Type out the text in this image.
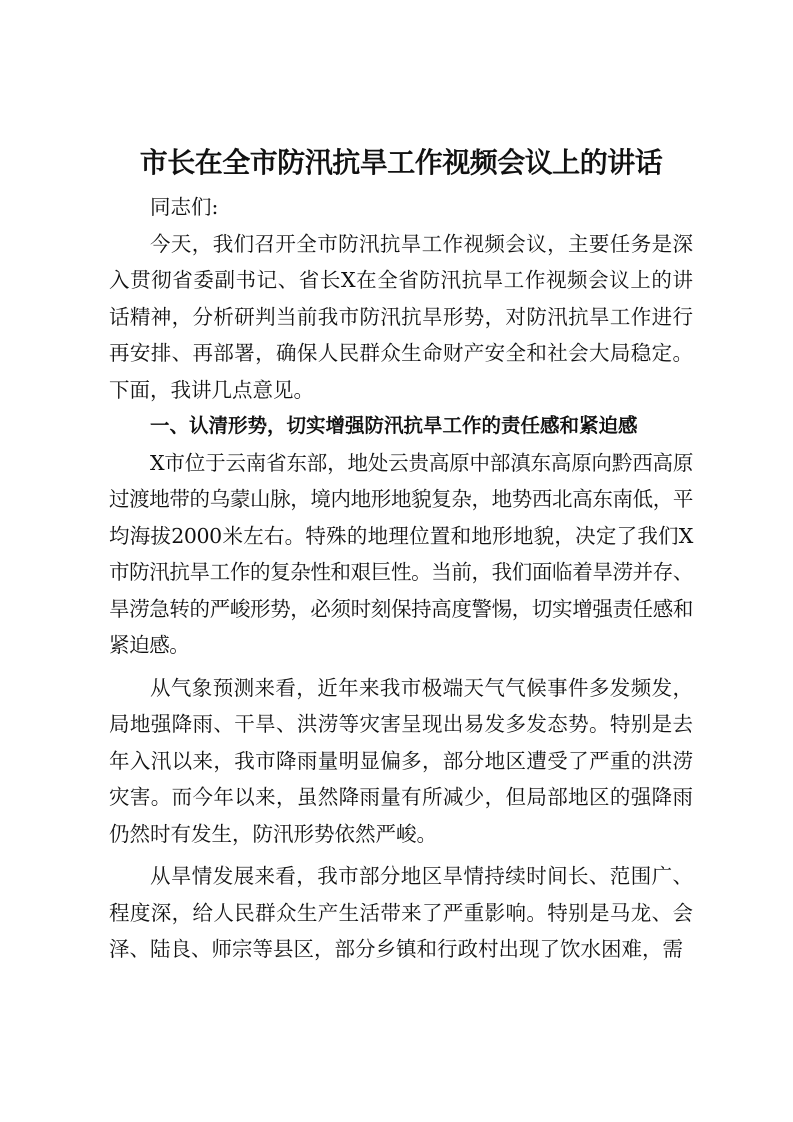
市长在全市防汛抗旱工作视频会议上的讲话

同志们:

今天，我们召开全市防汛抗旱工作视频会议，主要任务是深入贯彻省委副书记、省长X在全省防汛抗旱工作视频会议上的讲话精神，分析研判当前我市防汛抗旱形势，对防汛抗旱工作进行再安排、再部署，确保人民群众生命财产安全和社会大局稳定。下面，我讲几点意见。

一、认清形势，切实增强防汛抗旱工作的责任感和紧迫感

X市位于云南省东部，地处云贵高原中部滇东高原向黔西高原过渡地带的乌蒙山脉，境内地形地貌复杂，地势西北高东南低，平均海拔2000米左右。特殊的地理位置和地形地貌，决定了我们X市防汛抗旱工作的复杂性和艰巨性。当前，我们面临着旱涝并存、旱涝急转的严峻形势，必须时刻保持高度警惕，切实增强责任感和紧迫感。

从气象预测来看，近年来我市极端天气气候事件多发频发，局地强降雨、干旱、洪涝等灾害呈现出易发多发态势。特别是去年入汛以来，我市降雨量明显偏多，部分地区遭受了严重的洪涝灾害。而今年以来，虽然降雨量有所减少，但局部地区的强降雨仍然时有发生，防汛形势依然严峻。

从旱情发展来看，我市部分地区旱情持续时间长、范围广、程度深，给人民群众生产生活带来了严重影响。特别是马龙、会泽、陆良、师宗等县区，部分乡镇和行政村出现了饮水困难，需
